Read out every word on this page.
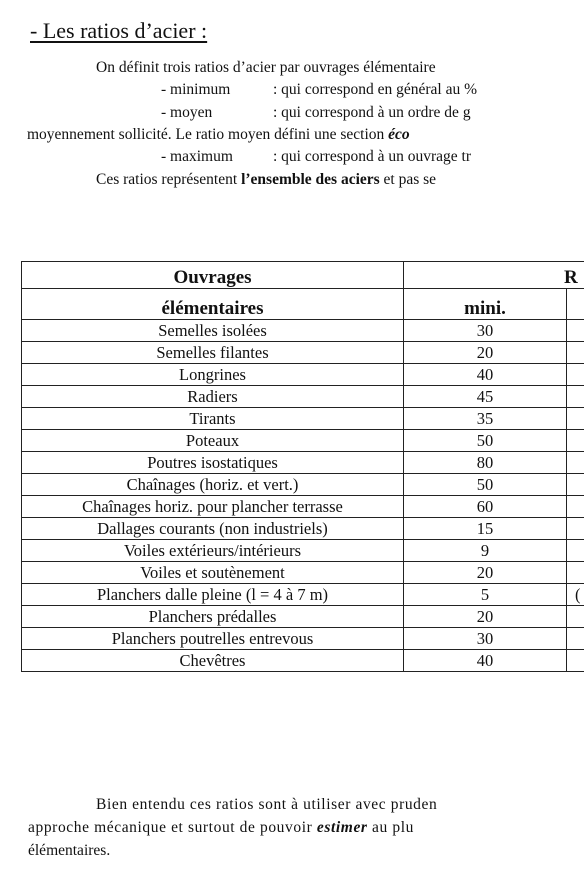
- Les ratios d’acier :
On définit trois ratios d’acier par ouvrages élémentaire
- minimum	: qui correspond en général au %
- moyen	: qui correspond à un ordre de g
moyennement sollicité. Le ratio moyen défini une section éco
- maximum	: qui correspond à un ouvrage tr
Ces ratios représentent l’ensemble des aciers et pas se
Ouvrages	R	
élémentaires	mini.	
Semelles isolées	30	
Semelles filantes	20	
Longrines	40	
Radiers	45	
Tirants	35	
Poteaux	50	
Poutres isostatiques	80	
Chaînages (horiz. et vert.)	50	
Chaînages horiz. pour plancher terrasse	60	
Dallages courants (non industriels)	15	
Voiles extérieurs/intérieurs	9	
Voiles et soutènement	20	
Planchers dalle pleine (l = 4 à 7 m)	5	(
Planchers prédalles	20	
Planchers poutrelles entrevous	30	
Chevêtres	40	

Bien entendu ces ratios sont à utiliser avec pruden

approche mécanique et surtout de pouvoir estimer au plu

élémentaires.
